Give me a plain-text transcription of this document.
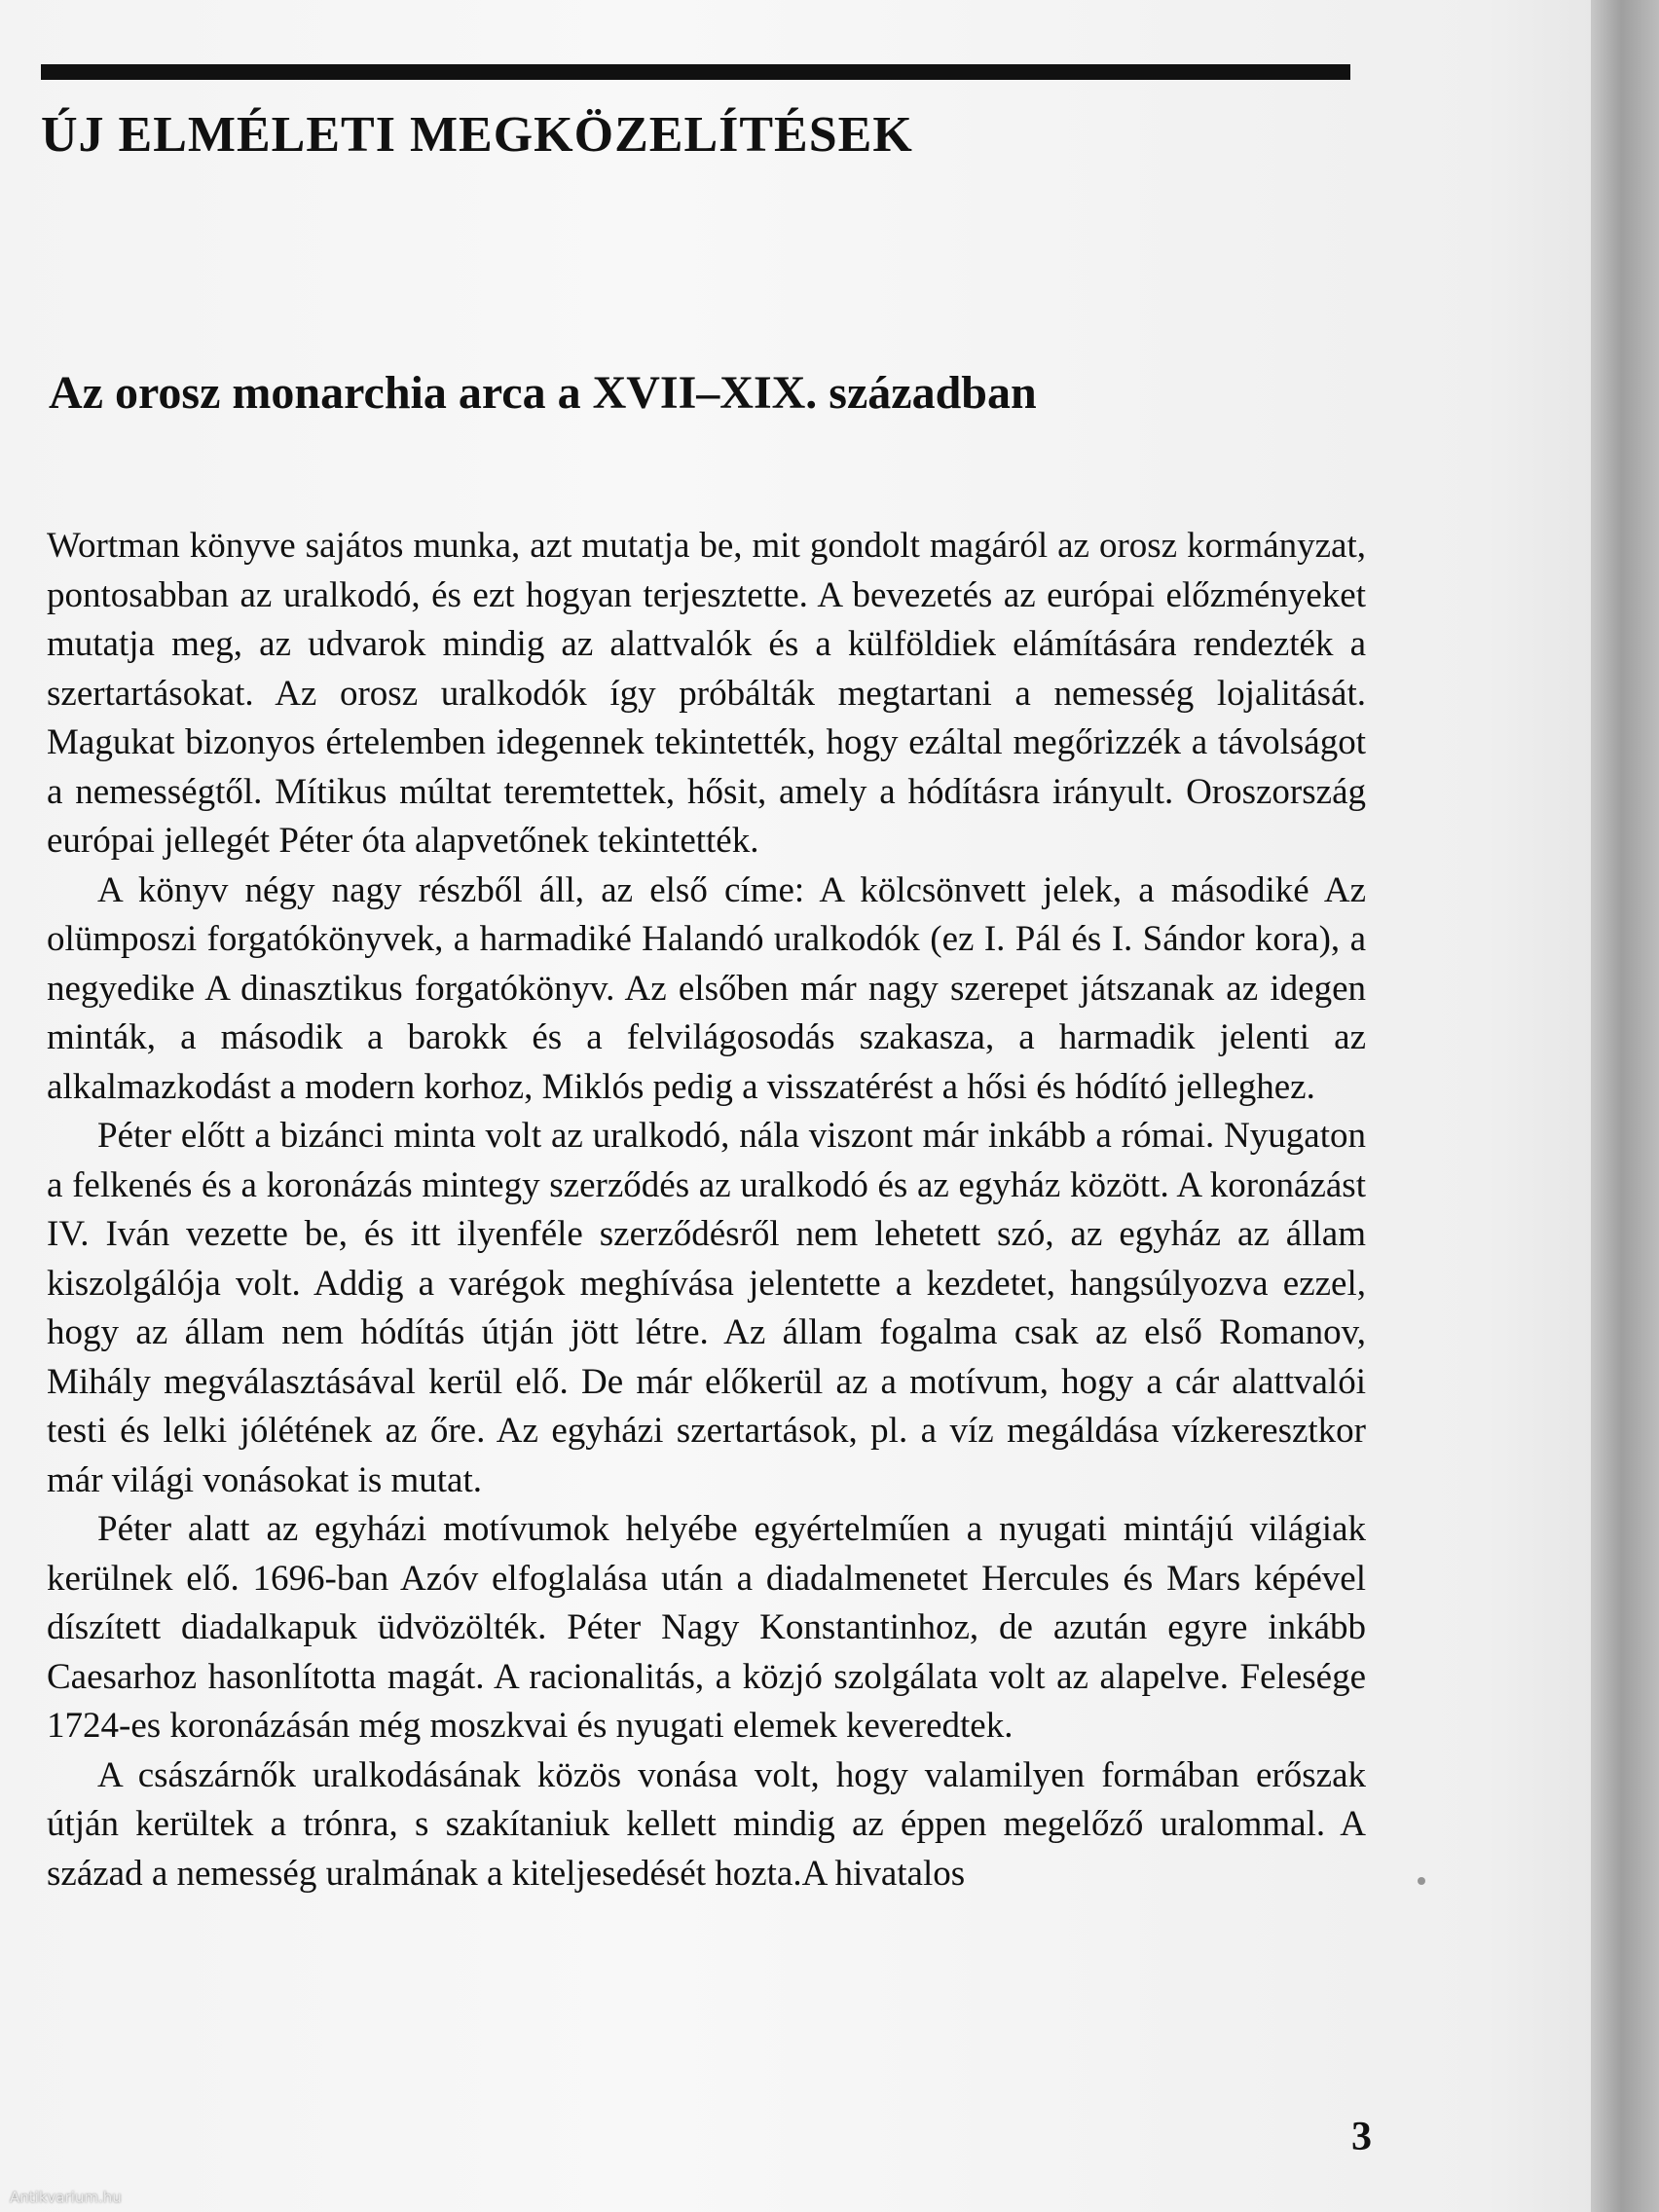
ÚJ ELMÉLETI MEGKÖZELÍTÉSEK
Az orosz monarchia arca a XVII–XIX. században

Wortman könyve sajátos munka, azt mutatja be, mit gondolt magáról az orosz kormányzat, pontosabban az uralkodó, és ezt hogyan terjesztette. A bevezetés az európai előzményeket mutatja meg, az udvarok mindig az alattvalók és a külföldiek elámítására rendezték a szertartásokat. Az orosz uralkodók így próbálták megtartani a nemesség lojalitását. Magukat bizonyos értelemben idegennek tekintették, hogy ezáltal megőrizzék a távolságot a nemességtől. Mítikus múltat teremtettek, hősit, amely a hódításra irányult. Oroszország európai jellegét Péter óta alapvetőnek tekintették.

A könyv négy nagy részből áll, az első címe: A kölcsönvett jelek, a másodiké Az olümposzi forgatókönyvek, a harmadiké Halandó uralkodók (ez I. Pál és I. Sándor kora), a negyedike A dinasztikus forgatókönyv. Az elsőben már nagy szerepet játszanak az idegen minták, a második a barokk és a felvilágosodás szakasza, a harmadik jelenti az alkalmazkodást a modern korhoz, Miklós pedig a visszatérést a hősi és hódító jelleghez.

Péter előtt a bizánci minta volt az uralkodó, nála viszont már inkább a római. Nyugaton a felkenés és a koronázás mintegy szerződés az uralkodó és az egyház között. A koronázást IV. Iván vezette be, és itt ilyenféle szerződésről nem lehetett szó, az egyház az állam kiszolgálója volt. Addig a varégok meghívása jelentette a kezdetet, hangsúlyozva ezzel, hogy az állam nem hódítás útján jött létre. Az állam fogalma csak az első Romanov, Mihály megválasztásával kerül elő. De már előkerül az a motívum, hogy a cár alattvalói testi és lelki jólétének az őre. Az egyházi szertartások, pl. a víz megáldása vízkeresztkor már világi vonásokat is mutat.

Péter alatt az egyházi motívumok helyébe egyértelműen a nyugati mintájú világiak kerülnek elő. 1696-ban Azóv elfoglalása után a diadalmenetet Hercules és Mars képével díszített diadalkapuk üdvözölték. Péter Nagy Konstantinhoz, de azután egyre inkább Caesarhoz hasonlította magát. A racionalitás, a közjó szolgálata volt az alapelve. Felesége 1724-es koronázásán még moszkvai és nyugati elemek keveredtek.

A császárnők uralkodásának közös vonása volt, hogy valamilyen formában erőszak útján kerültek a trónra, s szakítaniuk kellett mindig az éppen megelőző uralommal. A század a nemesség uralmának a kiteljesedését hozta.A hivatalos

3
Antikvarium.hu
